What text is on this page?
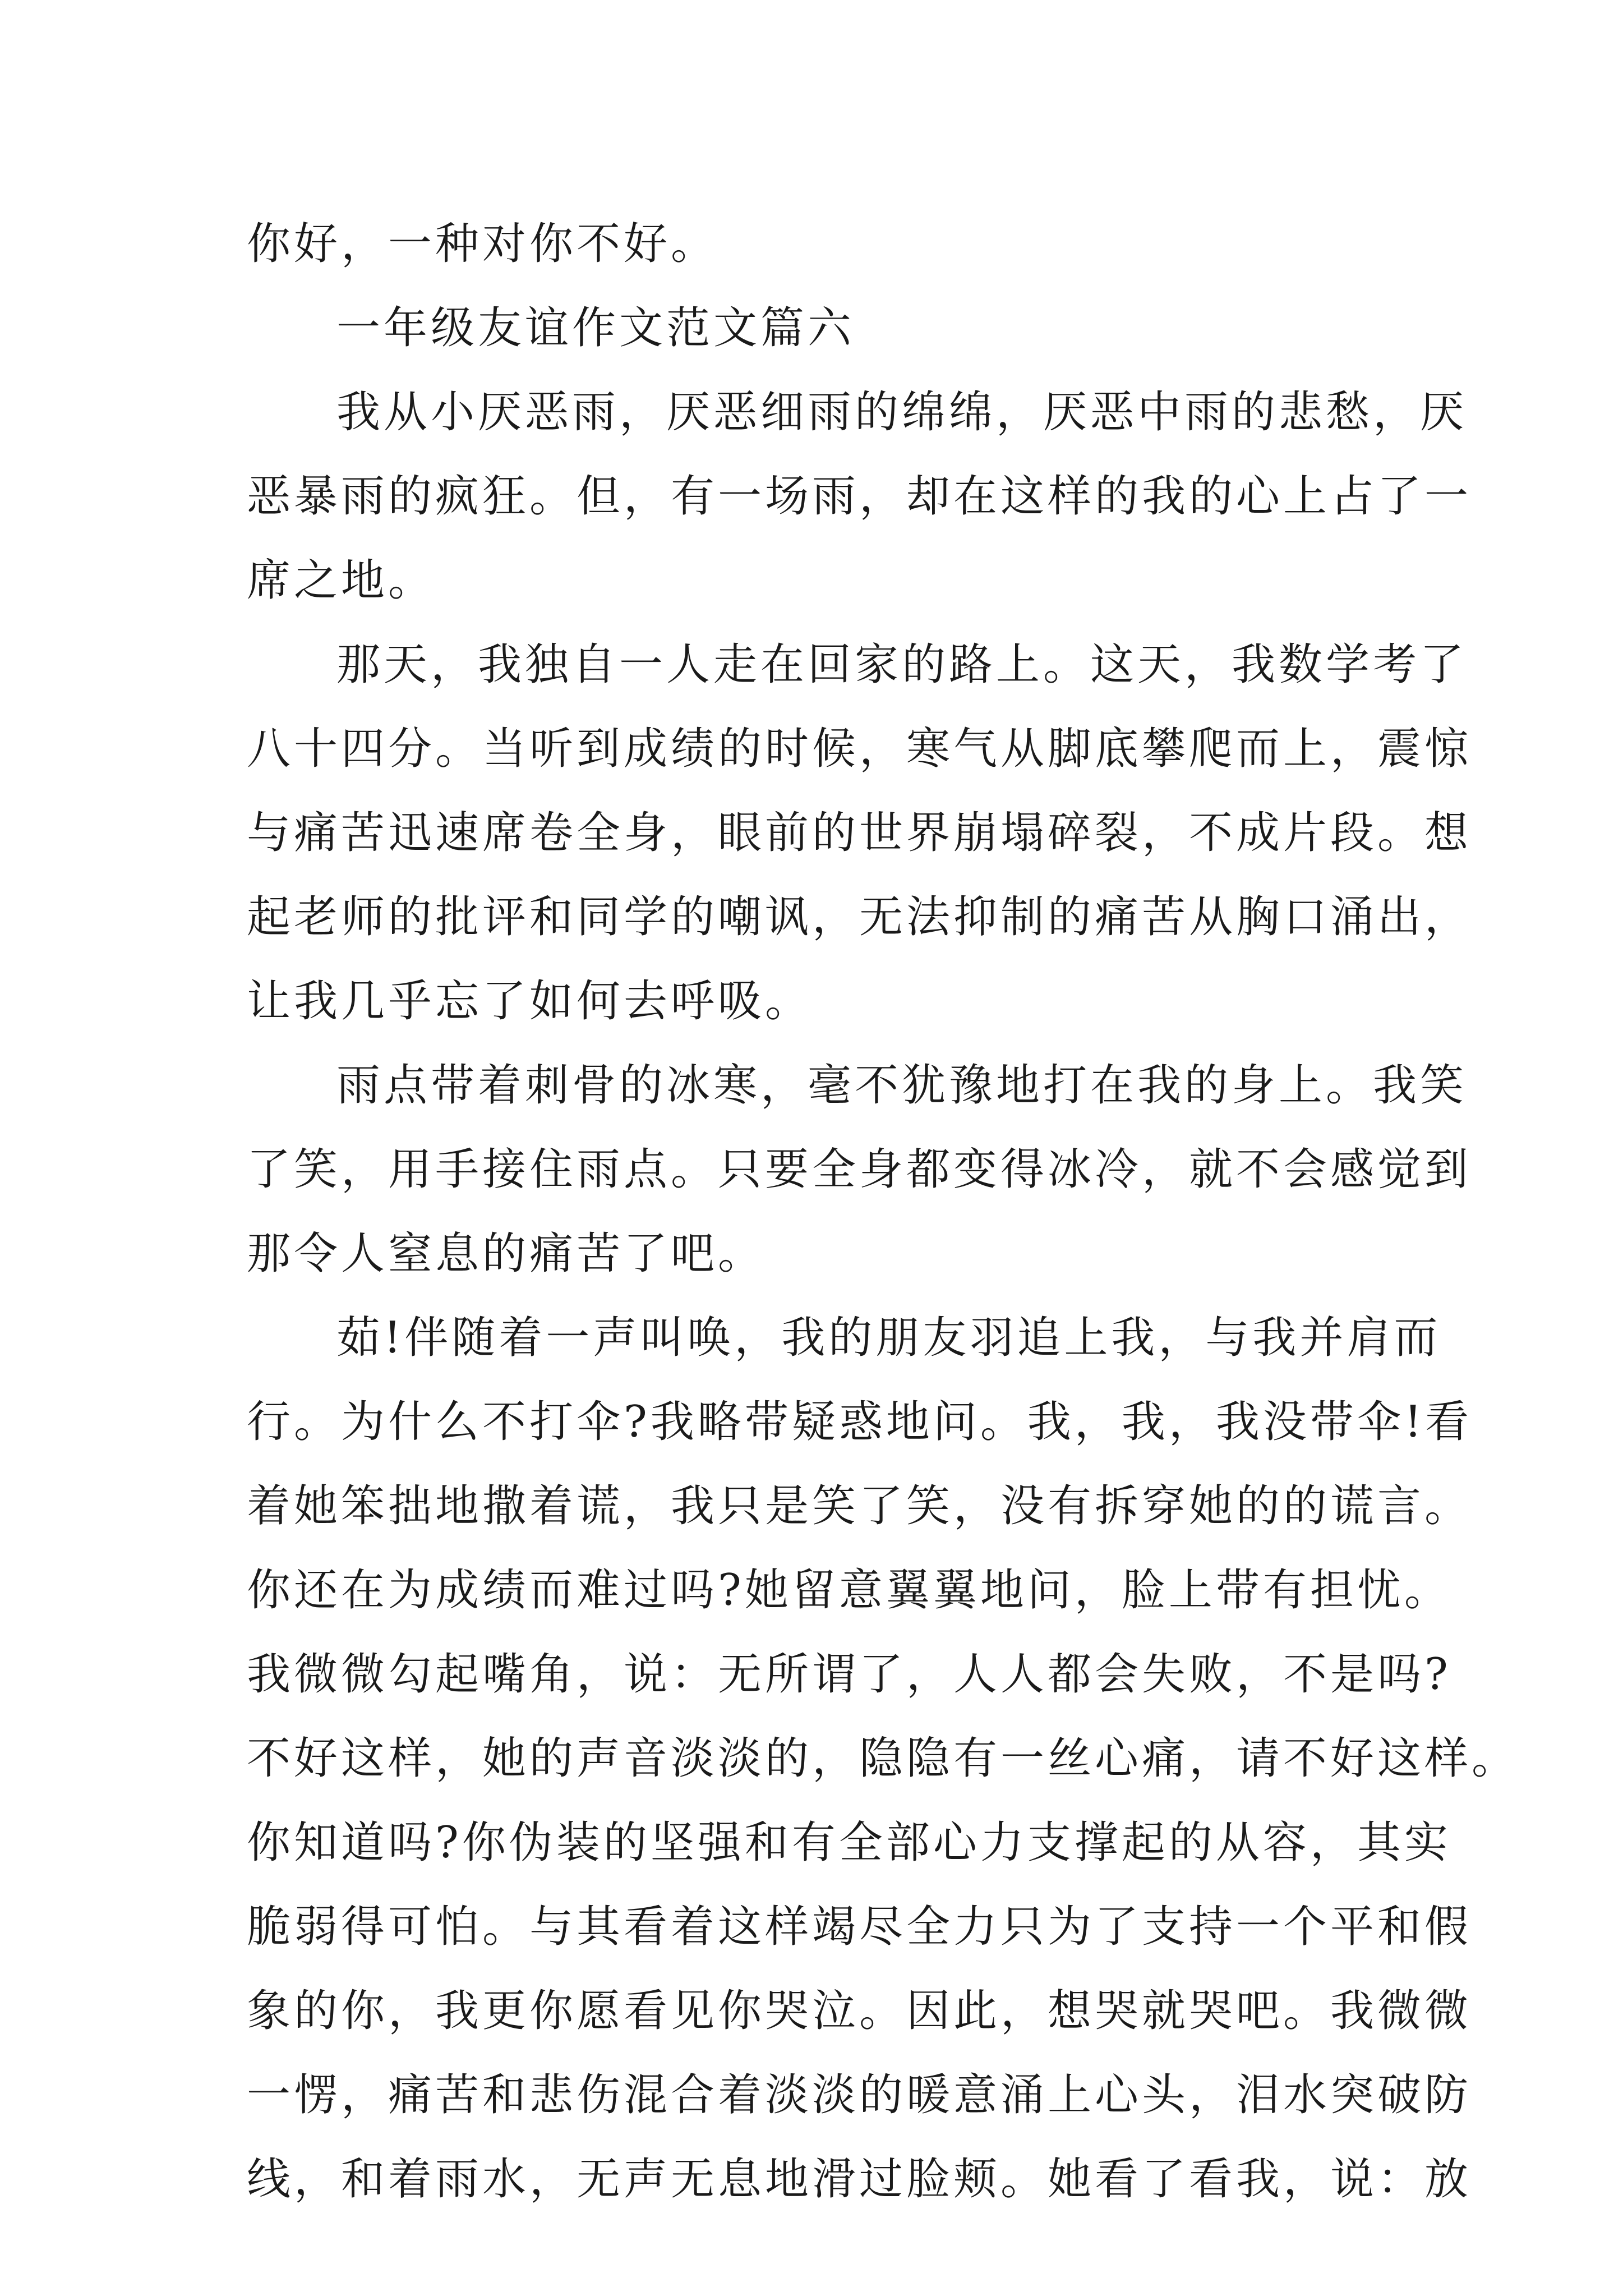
你好，一种对你不好。
一年级友谊作文范文篇六
我从小厌恶雨，厌恶细雨的绵绵，厌恶中雨的悲愁，厌
恶暴雨的疯狂。但，有一场雨，却在这样的我的心上占了一
席之地。
那天，我独自一人走在回家的路上。这天，我数学考了
八十四分。当听到成绩的时候，寒气从脚底攀爬而上，震惊
与痛苦迅速席卷全身，眼前的世界崩塌碎裂，不成片段。想
起老师的批评和同学的嘲讽，无法抑制的痛苦从胸口涌出，
让我几乎忘了如何去呼吸。
雨点带着刺骨的冰寒，毫不犹豫地打在我的身上。我笑
了笑，用手接住雨点。只要全身都变得冰冷，就不会感觉到
那令人窒息的痛苦了吧。
茹!伴随着一声叫唤，我的朋友羽追上我，与我并肩而
行。为什么不打伞?我略带疑惑地问。我，我，我没带伞!看
着她笨拙地撒着谎，我只是笑了笑，没有拆穿她的的谎言。
你还在为成绩而难过吗?她留意翼翼地问，脸上带有担忧。
我微微勾起嘴角，说：无所谓了，人人都会失败，不是吗?
不好这样，她的声音淡淡的，隐隐有一丝心痛，请不好这样。
你知道吗?你伪装的坚强和有全部心力支撑起的从容，其实
脆弱得可怕。与其看着这样竭尽全力只为了支持一个平和假
象的你，我更你愿看见你哭泣。因此，想哭就哭吧。我微微
一愣，痛苦和悲伤混合着淡淡的暖意涌上心头，泪水突破防
线，和着雨水，无声无息地滑过脸颊。她看了看我，说：放
